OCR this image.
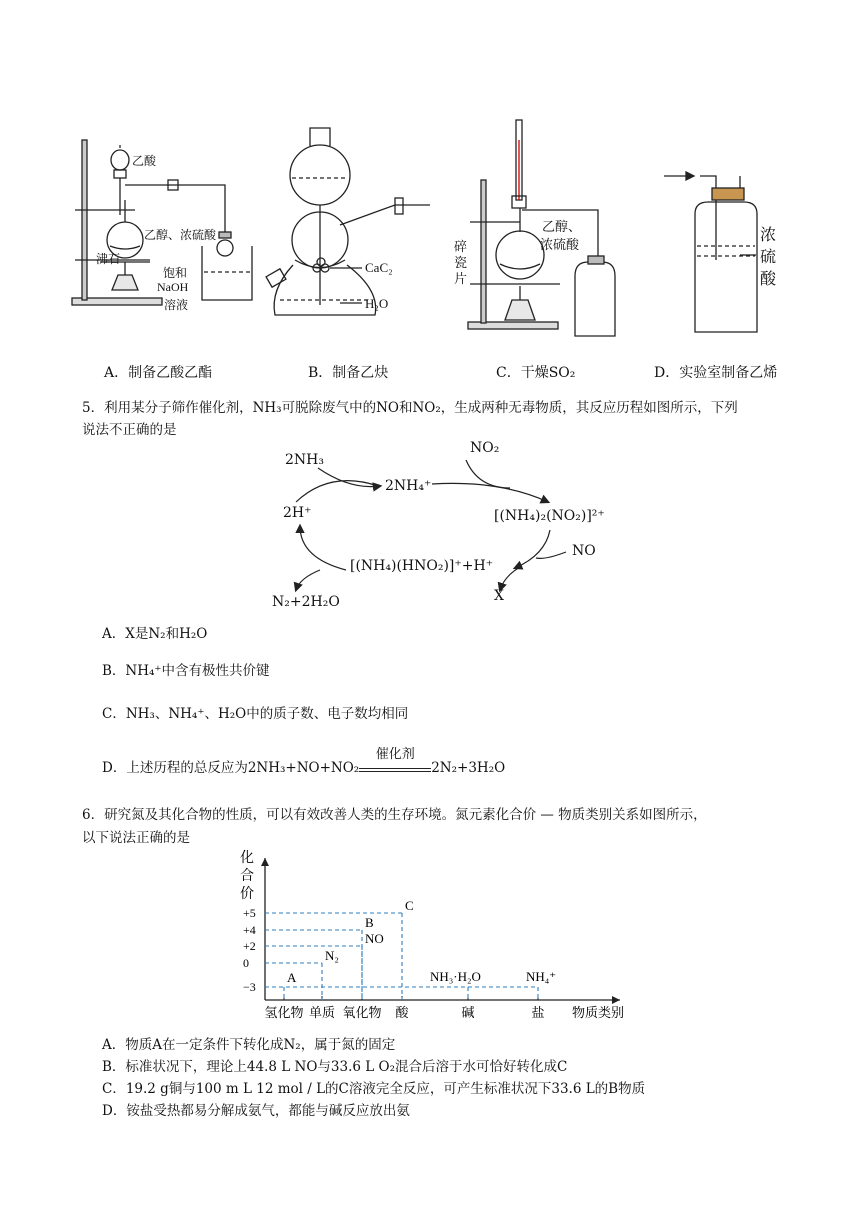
乙酸
乙醇、浓硫酸
沸石
饱和
NaOH
溶液
CaC₂
H₂O
乙醇、
浓硫酸
碎
瓷
片
浓
硫
酸
A．制备乙酸乙酯	B．制备乙炔	C．干燥SO₂	D．实验室制备乙烯
5．利用某分子筛作催化剂，NH₃可脱除废气中的NO和NO₂，生成两种无毒物质，其反应历程如图所示，下列
说法不正确的是
2NH₃
2NH₄⁺
NO₂
[(NH₄)₂(NO₂)]²⁺
NO
X
[(NH₄)(HNO₂)]⁺+H⁺
2H⁺
N₂+2H₂O
A．X是N₂和H₂O
B．NH₄⁺中含有极性共价键
C．NH₃、NH₄⁺、H₂O中的质子数、电子数均相同
D．上述历程的总反应为2NH₃+NO+NO₂
催化剂
2N₂+3H₂O
6．研究氮及其化合物的性质，可以有效改善人类的生存环境。氮元素化合价 — 物质类别关系如图所示，
以下说法正确的是
化
合
价
+5
+4
+2
0
−3
氢化物 单质 氧化物 酸	碱	盐 物质类别
A
N₂
NO
B
C
NH₃·H₂O	NH₄⁺
A．物质A在一定条件下转化成N₂，属于氮的固定
B．标准状况下，理论上44.8 L NO与33.6 L O₂混合后溶于水可恰好转化成C
C．19.2 g铜与100 m L 12 mol / L的C溶液完全反应，可产生标准状况下33.6 L的B物质
D．铵盐受热都易分解成氨气，都能与碱反应放出氨
